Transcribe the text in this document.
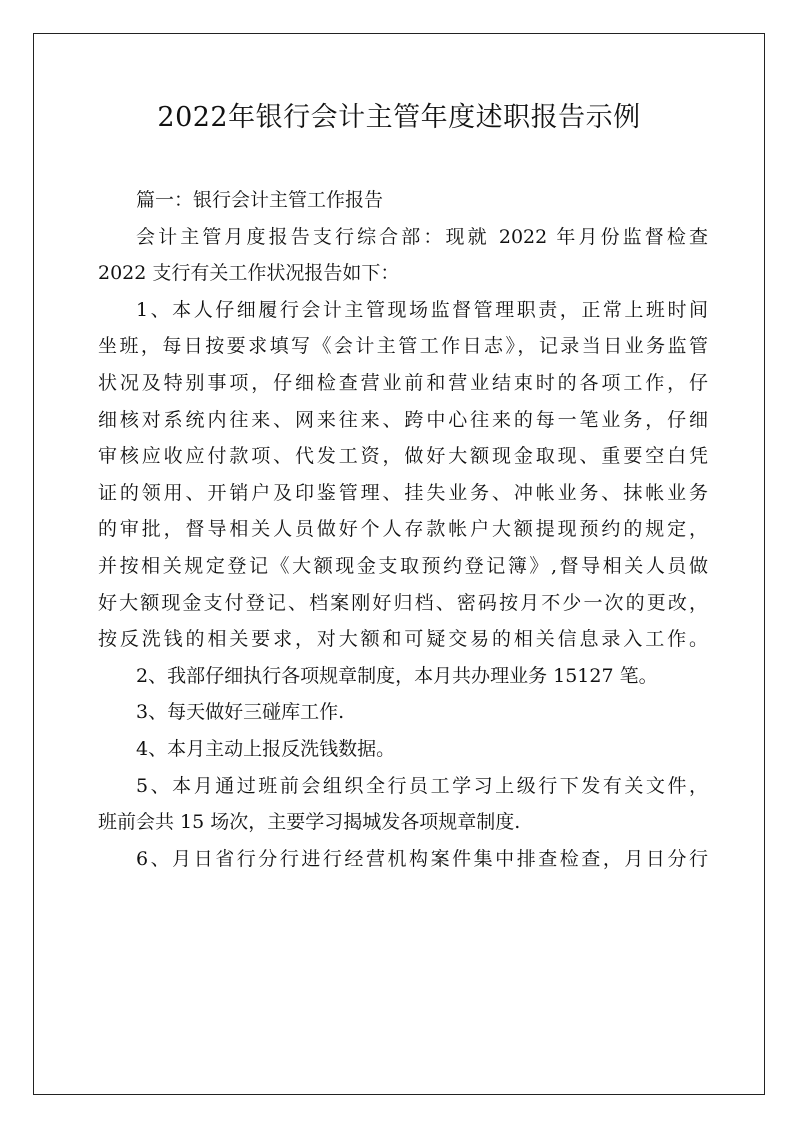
2022年银行会计主管年度述职报告示例
篇一：银行会计主管工作报告
会计主管月度报告支行综合部：现就 2022 年月份监督检查
2022 支行有关工作状况报告如下：
1、本人仔细履行会计主管现场监督管理职责，正常上班时间
坐班，每日按要求填写《会计主管工作日志》，记录当日业务监管
状况及特别事项，仔细检查营业前和营业结束时的各项工作，仔
细核对系统内往来、网来往来、跨中心往来的每一笔业务，仔细
审核应收应付款项、代发工资，做好大额现金取现、重要空白凭
证的领用、开销户及印鉴管理、挂失业务、冲帐业务、抹帐业务
的审批，督导相关人员做好个人存款帐户大额提现预约的规定，
并按相关规定登记《大额现金支取预约登记簿》,督导相关人员做
好大额现金支付登记、档案刚好归档、密码按月不少一次的更改，
按反洗钱的相关要求，对大额和可疑交易的相关信息录入工作。
2、我部仔细执行各项规章制度，本月共办理业务 15127 笔。
3、每天做好三碰库工作.
4、本月主动上报反洗钱数据。
5、本月通过班前会组织全行员工学习上级行下发有关文件，
班前会共 15 场次，主要学习揭城发各项规章制度.
6、月日省行分行进行经营机构案件集中排查检查，月日分行
